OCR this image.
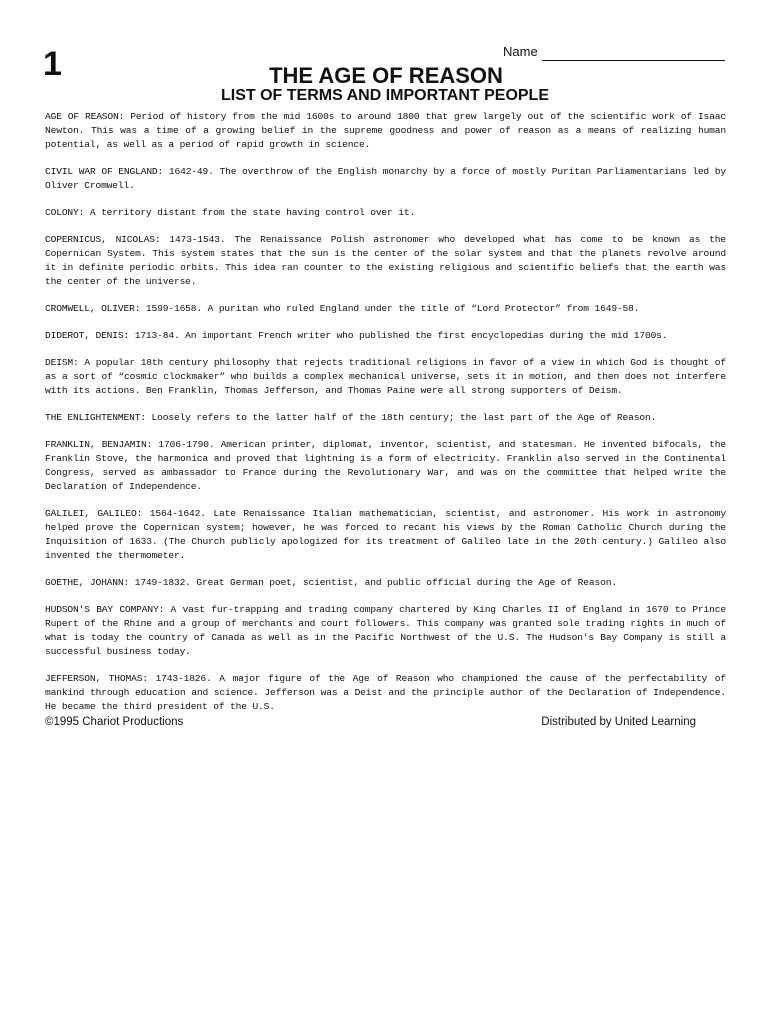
1	Name
THE AGE OF REASON
LIST OF TERMS AND IMPORTANT PEOPLE

AGE OF REASON: Period of history from the mid 1600s to around 1800 that grew largely out of the scientific work of Isaac Newton. This was a time of a growing belief in the supreme goodness and power of reason as a means of realizing human potential, as well as a period of rapid growth in science.

CIVIL WAR OF ENGLAND: 1642-49. The overthrow of the English monarchy by a force of mostly Puritan Parliamentarians led by Oliver Cromwell.

COLONY: A territory distant from the state having control over it.

COPERNICUS, NICOLAS: 1473-1543. The Renaissance Polish astronomer who developed what has come to be known as the Copernican System. This system states that the sun is the center of the solar system and that the planets revolve around it in definite periodic orbits. This idea ran counter to the existing religious and scientific beliefs that the earth was the center of the universe.

CROMWELL, OLIVER: 1599-1658. A puritan who ruled England under the title of “Lord Protector” from 1649-58.

DIDEROT, DENIS: 1713-84. An important French writer who published the first encyclopedias during the mid 1700s.

DEISM: A popular 18th century philosophy that rejects traditional religions in favor of a view in which God is thought of as a sort of “cosmic clockmaker” who builds a complex mechanical universe, sets it in motion, and then does not interfere with its actions. Ben Franklin, Thomas Jefferson, and Thomas Paine were all strong supporters of Deism.

THE ENLIGHTENMENT: Loosely refers to the latter half of the 18th century; the last part of the Age of Reason.

FRANKLIN, BENJAMIN: 1706-1790. American printer, diplomat, inventor, scientist, and statesman. He invented bifocals, the Franklin Stove, the harmonica and proved that lightning is a form of electricity. Franklin also served in the Continental Congress, served as ambassador to France during the Revolutionary War, and was on the committee that helped write the Declaration of Independence.

GALILEI, GALILEO: 1564-1642. Late Renaissance Italian mathematician, scientist, and astronomer. His work in astronomy helped prove the Copernican system; however, he was forced to recant his views by the Roman Catholic Church during the Inquisition of 1633. (The Church publicly apologized for its treatment of Galileo late in the 20th century.) Galileo also invented the thermometer.

GOETHE, JOHANN: 1749-1832. Great German poet, scientist, and public official during the Age of Reason.

HUDSON'S BAY COMPANY: A vast fur-trapping and trading company chartered by King Charles II of England in 1670 to Prince Rupert of the Rhine and a group of merchants and court followers. This company was granted sole trading rights in much of what is today the country of Canada as well as in the Pacific Northwest of the U.S. The Hudson's Bay Company is still a successful business today.

JEFFERSON, THOMAS: 1743-1826. A major figure of the Age of Reason who championed the cause of the perfectability of mankind through education and science. Jefferson was a Deist and the principle author of the Declaration of Independence. He became the third president of the U.S.

©1995 Chariot Productions	Distributed by United Learning
